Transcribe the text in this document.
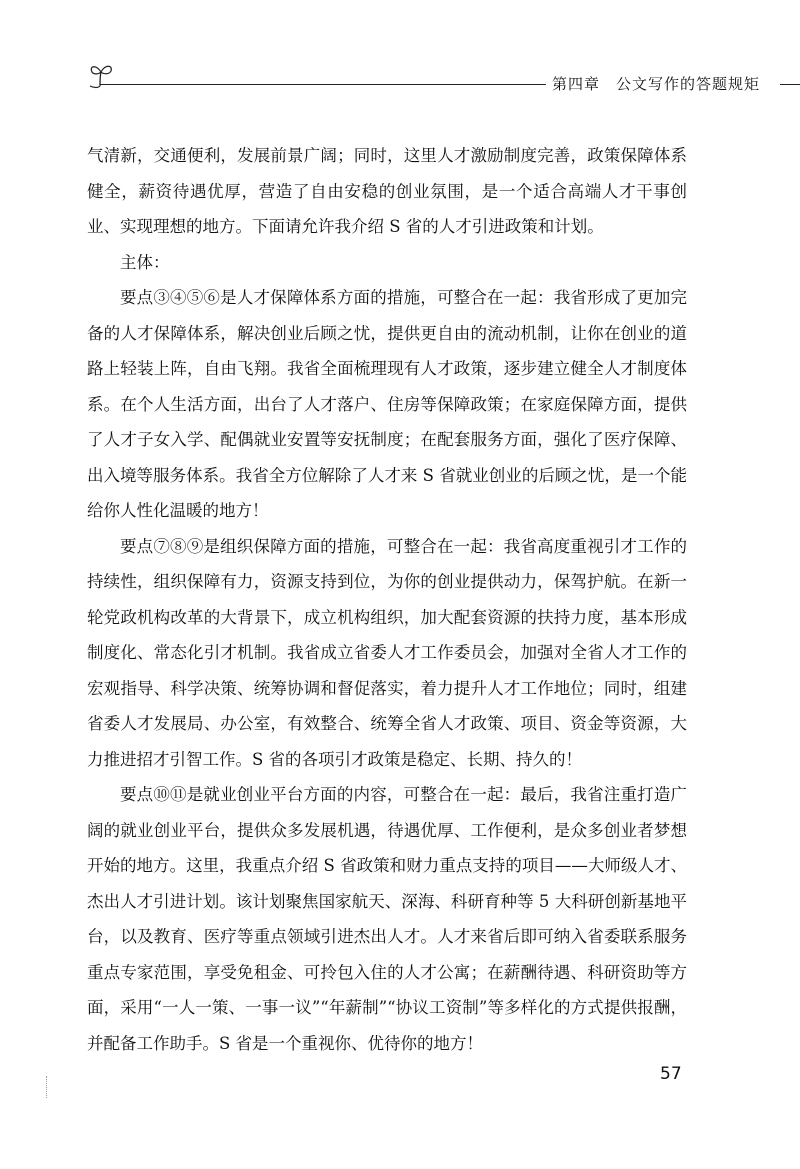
第四章 公文写作的答题规矩

气清新，交通便利，发展前景广阔；同时，这里人才激励制度完善，政策保障体系健全，薪资待遇优厚，营造了自由安稳的创业氛围，是一个适合高端人才干事创业、实现理想的地方。下面请允许我介绍 S 省的人才引进政策和计划。

主体：

要点③④⑤⑥是人才保障体系方面的措施，可整合在一起：我省形成了更加完备的人才保障体系，解决创业后顾之忧，提供更自由的流动机制，让你在创业的道路上轻装上阵，自由飞翔。我省全面梳理现有人才政策，逐步建立健全人才制度体系。在个人生活方面，出台了人才落户、住房等保障政策；在家庭保障方面，提供了人才子女入学、配偶就业安置等安抚制度；在配套服务方面，强化了医疗保障、出入境等服务体系。我省全方位解除了人才来 S 省就业创业的后顾之忧，是一个能给你人性化温暖的地方！

要点⑦⑧⑨是组织保障方面的措施，可整合在一起：我省高度重视引才工作的持续性，组织保障有力，资源支持到位，为你的创业提供动力，保驾护航。在新一轮党政机构改革的大背景下，成立机构组织，加大配套资源的扶持力度，基本形成制度化、常态化引才机制。我省成立省委人才工作委员会，加强对全省人才工作的宏观指导、科学决策、统筹协调和督促落实，着力提升人才工作地位；同时，组建省委人才发展局、办公室，有效整合、统筹全省人才政策、项目、资金等资源，大力推进招才引智工作。S 省的各项引才政策是稳定、长期、持久的！

要点⑩⑪是就业创业平台方面的内容，可整合在一起：最后，我省注重打造广阔的就业创业平台，提供众多发展机遇，待遇优厚、工作便利，是众多创业者梦想开始的地方。这里，我重点介绍 S 省政策和财力重点支持的项目——大师级人才、杰出人才引进计划。该计划聚焦国家航天、深海、科研育种等 5 大科研创新基地平台，以及教育、医疗等重点领域引进杰出人才。人才来省后即可纳入省委联系服务重点专家范围，享受免租金、可拎包入住的人才公寓；在薪酬待遇、科研资助等方面，采用“一人一策、一事一议”“年薪制”“协议工资制”等多样化的方式提供报酬，并配备工作助手。S 省是一个重视你、优待你的地方！

57
